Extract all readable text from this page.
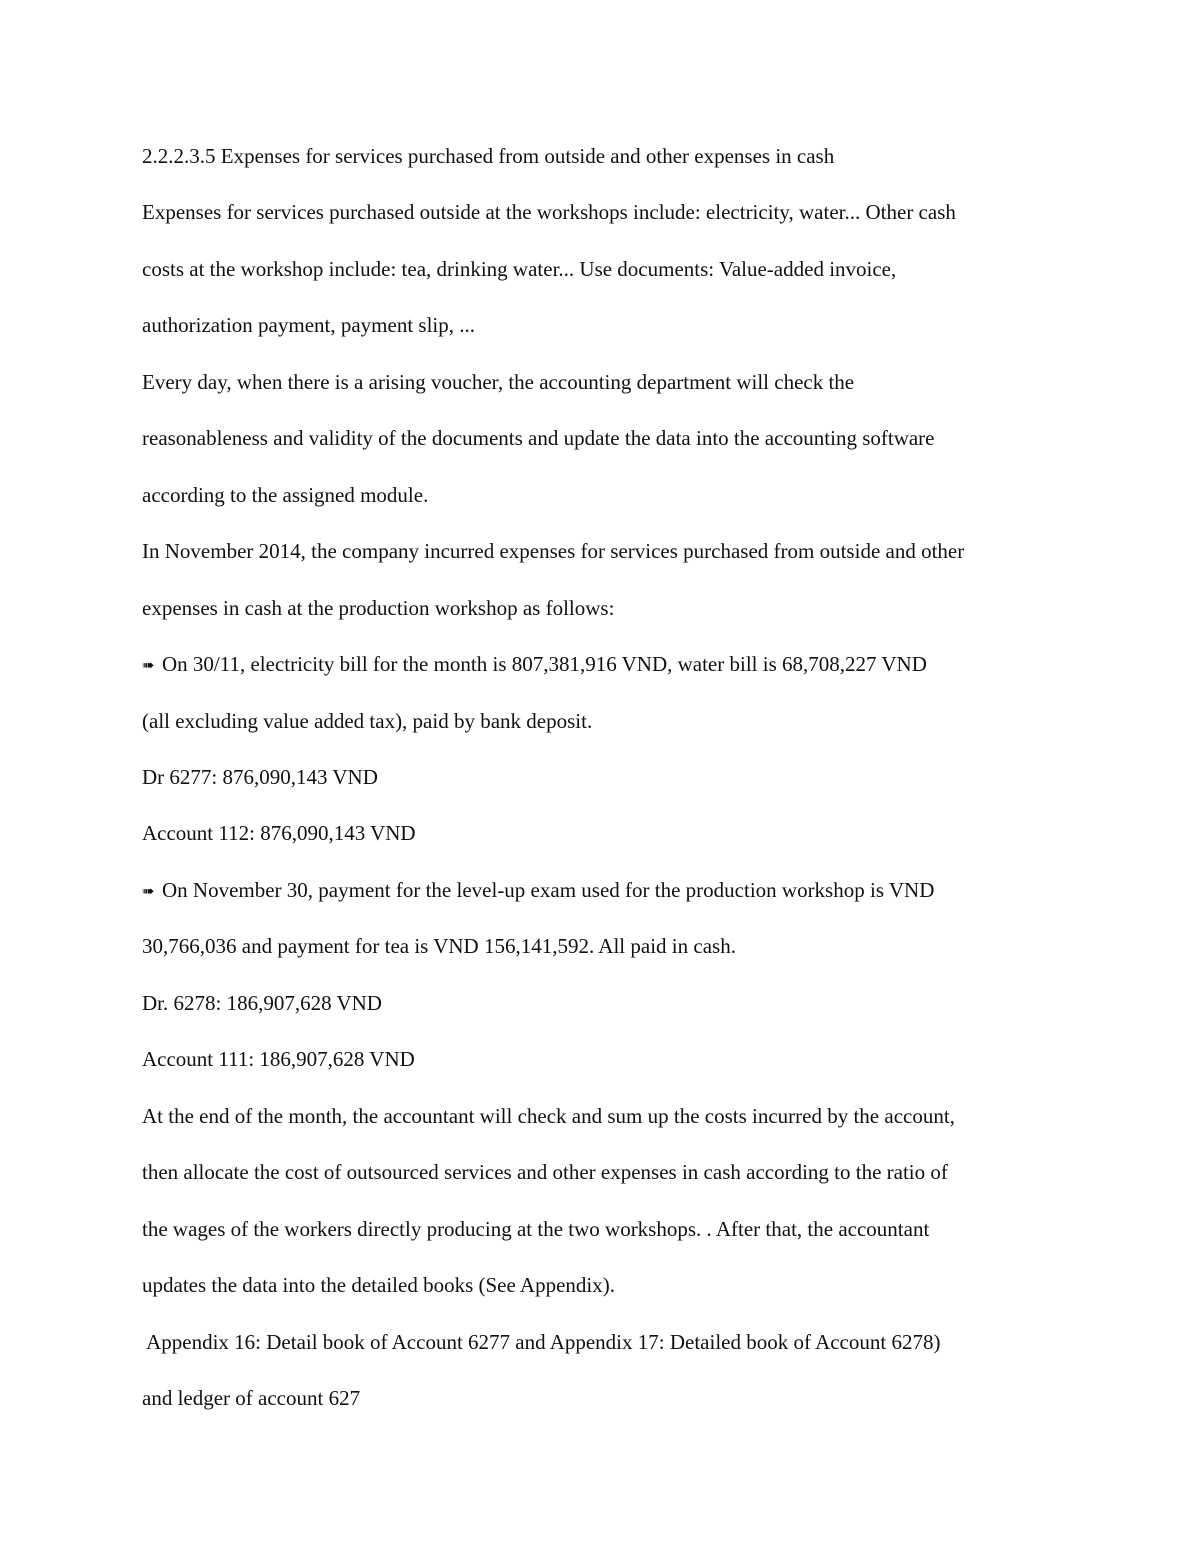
2.2.2.3.5 Expenses for services purchased from outside and other expenses in cash

Expenses for services purchased outside at the workshops include: electricity, water... Other cash

costs at the workshop include: tea, drinking water... Use documents: Value-added invoice,

authorization payment, payment slip, ...

Every day, when there is a arising voucher, the accounting department will check the

reasonableness and validity of the documents and update the data into the accounting software

according to the assigned module.

In November 2014, the company incurred expenses for services purchased from outside and other

expenses in cash at the production workshop as follows:

➠ On 30/11, electricity bill for the month is 807,381,916 VND, water bill is 68,708,227 VND

(all excluding value added tax), paid by bank deposit.

Dr 6277: 876,090,143 VND

Account 112: 876,090,143 VND

➠ On November 30, payment for the level-up exam used for the production workshop is VND

30,766,036 and payment for tea is VND 156,141,592. All paid in cash.

Dr. 6278: 186,907,628 VND

Account 111: 186,907,628 VND

At the end of the month, the accountant will check and sum up the costs incurred by the account,

then allocate the cost of outsourced services and other expenses in cash according to the ratio of

the wages of the workers directly producing at the two workshops. . After that, the accountant

updates the data into the detailed books (See Appendix).

Appendix 16: Detail book of Account 6277 and Appendix 17: Detailed book of Account 6278)

and ledger of account 627
